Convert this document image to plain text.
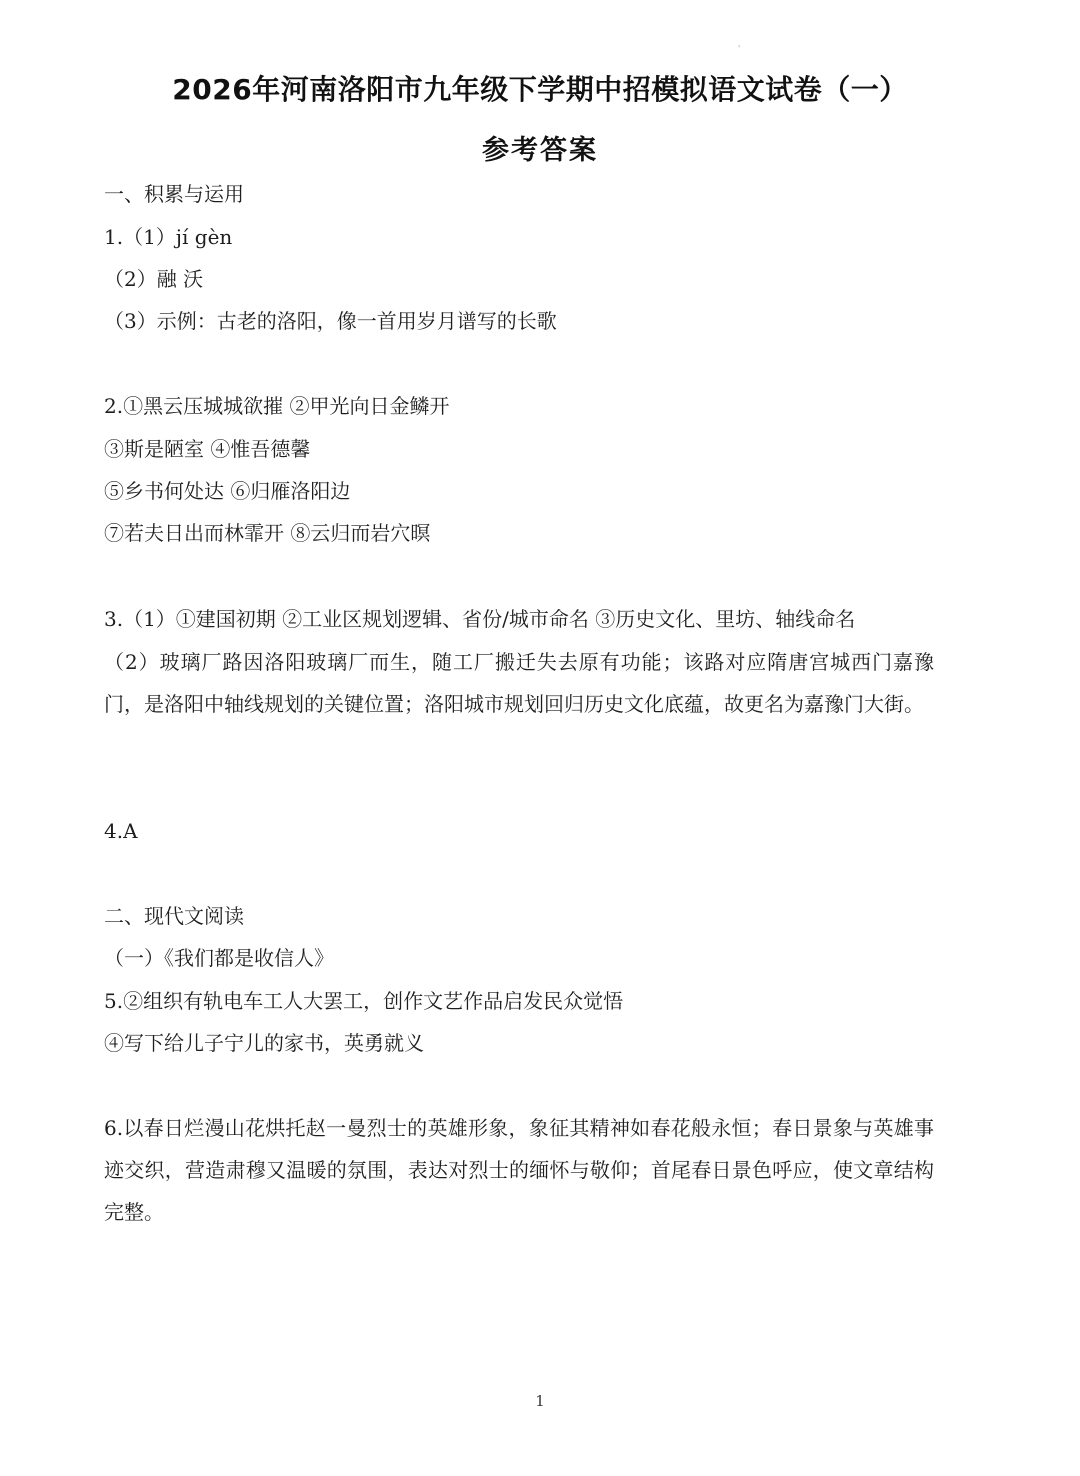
'
2026年河南洛阳市九年级下学期中招模拟语文试卷（一）
参考答案
一、积累与运用
1.（1）jí gèn
（2）融 沃
（3）示例：古老的洛阳，像一首用岁月谱写的长歌
2.①黑云压城城欲摧 ②甲光向日金鳞开
③斯是陋室 ④惟吾德馨
⑤乡书何处达 ⑥归雁洛阳边
⑦若夫日出而林霏开 ⑧云归而岩穴暝
3.（1）①建国初期 ②工业区规划逻辑、省份/城市命名 ③历史文化、里坊、轴线命名
（2）玻璃厂路因洛阳玻璃厂而生，随工厂搬迁失去原有功能；该路对应隋唐宫城西门嘉豫门，是洛阳中轴线规划的关键位置；洛阳城市规划回归历史文化底蕴，故更名为嘉豫门大街。
4.A
二、现代文阅读
（一）《我们都是收信人》
5.②组织有轨电车工人大罢工，创作文艺作品启发民众觉悟
④写下给儿子宁儿的家书，英勇就义
6.以春日烂漫山花烘托赵一曼烈士的英雄形象，象征其精神如春花般永恒；春日景象与英雄事迹交织，营造肃穆又温暖的氛围，表达对烈士的缅怀与敬仰；首尾春日景色呼应，使文章结构完整。
1
